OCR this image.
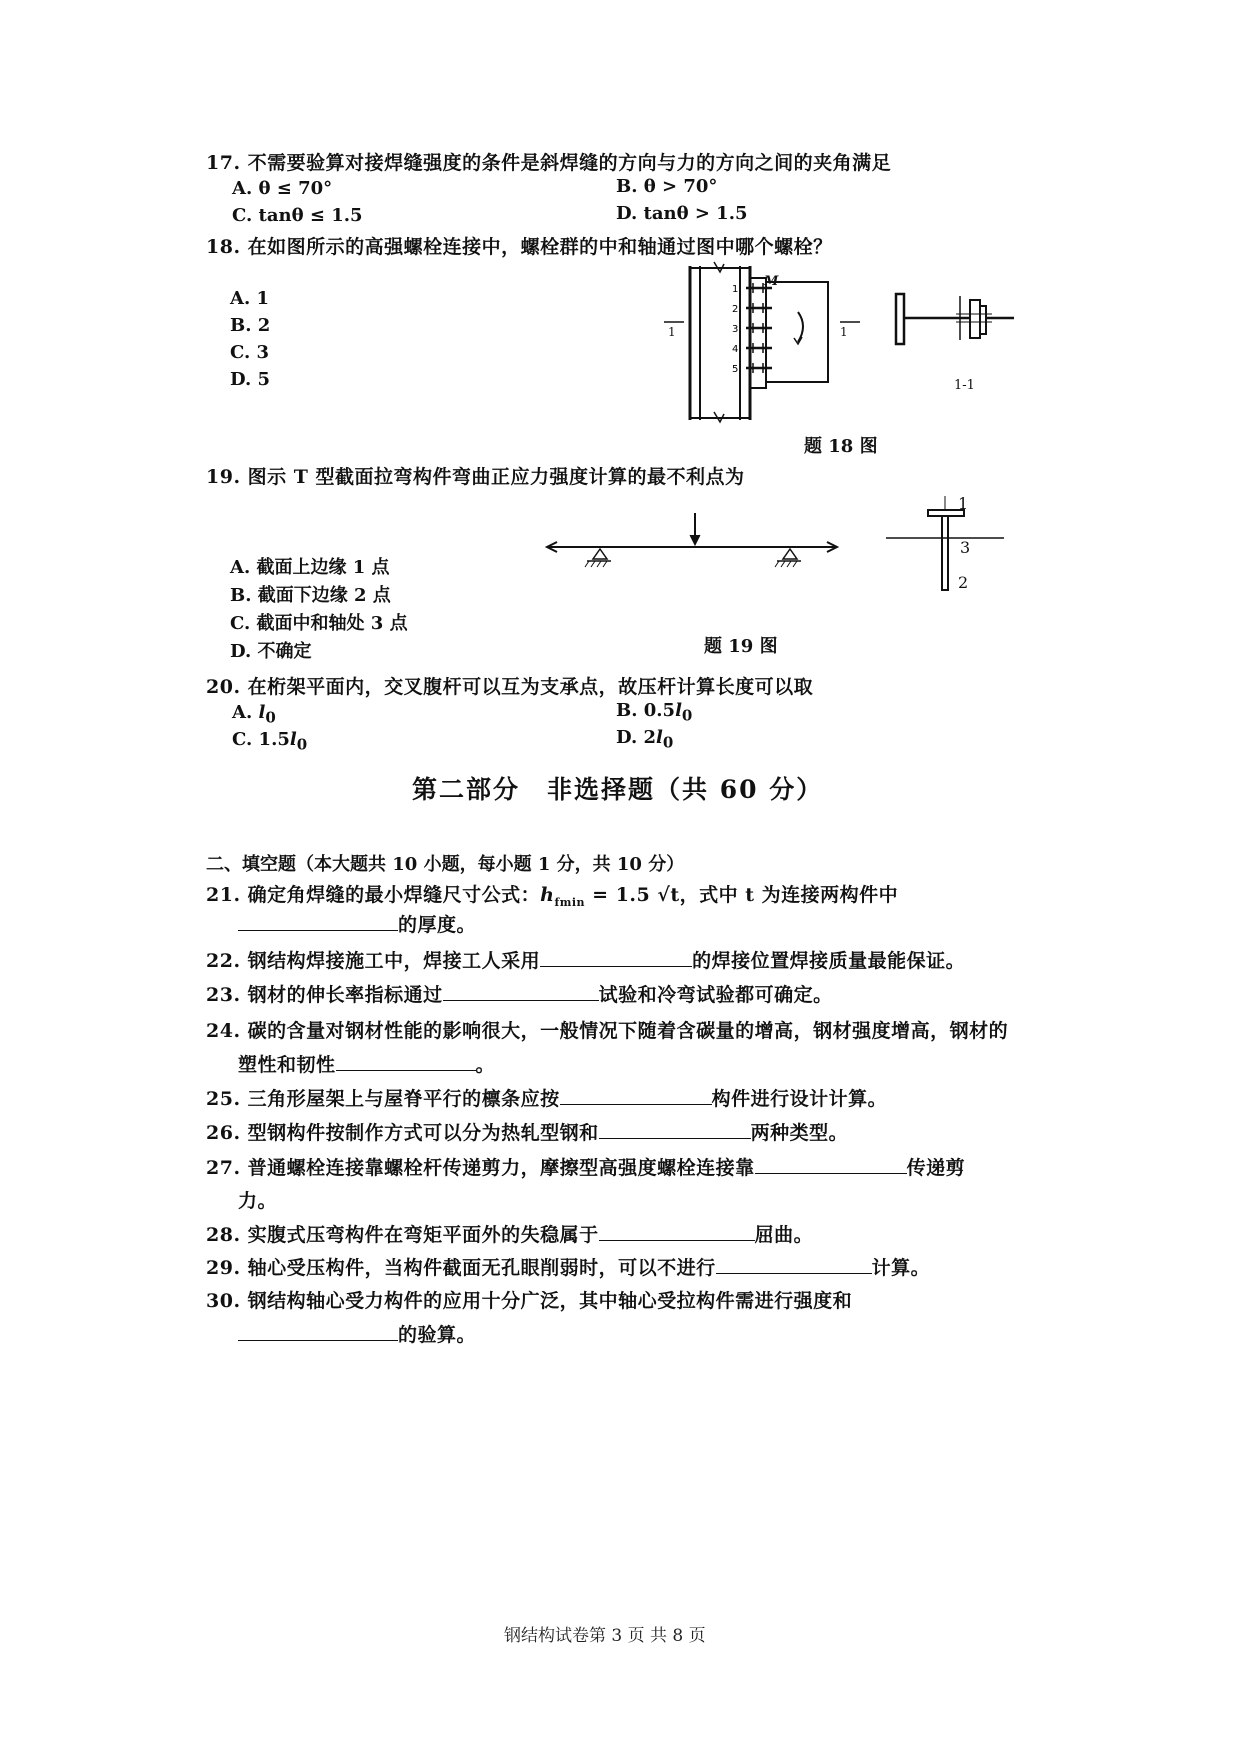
17. 不需要验算对接焊缝强度的条件是斜焊缝的方向与力的方向之间的夹角满足
A. θ ≤ 70°	B. θ > 70°
C. tanθ ≤ 1.5	D. tanθ > 1.5
18. 在如图所示的高强螺栓连接中，螺栓群的中和轴通过图中哪个螺栓？
A. 1
B. 2
C. 3
D. 5
1
2
3
4
5
M
1	1
1-1
题 18 图
19. 图示 T 型截面拉弯构件弯曲正应力强度计算的最不利点为
A. 截面上边缘 1 点
B. 截面下边缘 2 点
C. 截面中和轴处 3 点
D. 不确定	题 19 图
1
3
2
20. 在桁架平面内，交叉腹杆可以互为支承点，故压杆计算长度可以取
A. $l_0$	B. $0.5l_0$
C. $1.5l_0$	D. $2l_0$
第二部分　非选择题（共 60 分）
二、填空题（本大题共 10 小题，每小题 1 分，共 10 分）
21. 确定角焊缝的最小焊缝尺寸公式：$h_{fmin} = 1.5$ √t，式中 t 为连接两构件中
的厚度。
22. 钢结构焊接施工中，焊接工人采用	的焊接位置焊接质量最能保证。
23. 钢材的伸长率指标通过	试验和冷弯试验都可确定。
24. 碳的含量对钢材性能的影响很大，一般情况下随着含碳量的增高，钢材强度增高，钢材的
塑性和韧性	。
25. 三角形屋架上与屋脊平行的檩条应按	构件进行设计计算。
26. 型钢构件按制作方式可以分为热轧型钢和	两种类型。
27. 普通螺栓连接靠螺栓杆传递剪力，摩擦型高强度螺栓连接靠	传递剪
力。
28. 实腹式压弯构件在弯矩平面外的失稳属于	屈曲。
29. 轴心受压构件，当构件截面无孔眼削弱时，可以不进行	计算。
30. 钢结构轴心受力构件的应用十分广泛，其中轴心受拉构件需进行强度和
的验算。
钢结构试卷第 3 页 共 8 页
